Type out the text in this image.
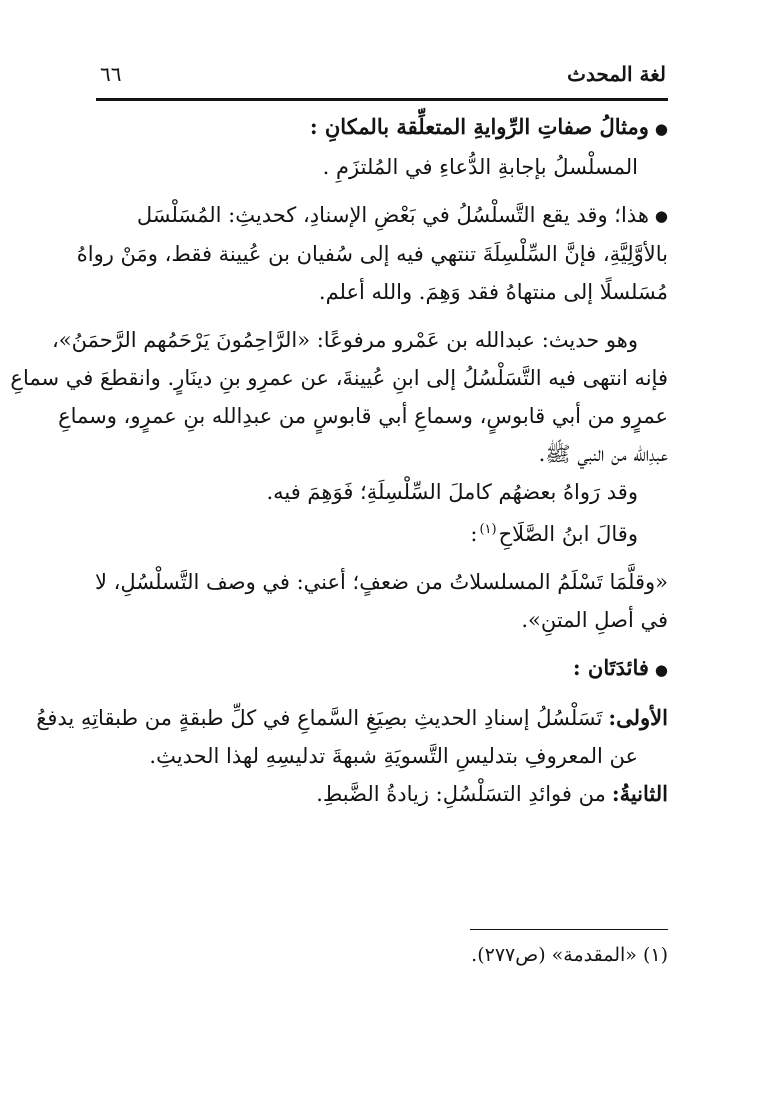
لغة المحدث
٦٦

●ومثالُ صفاتِ الرِّوايةِ المتعلِّقة بالمكانِ :

المسلْسلُ بإجابةِ الدُّعاءِ في المُلتزَمِ .

●هذا؛ وقد يقع التَّسلْسُلُ في بَعْضِ الإسنادِ، كحديثِ: المُسَلْسَل

بالأوَّلِيَّةِ، فإنَّ السِّلْسِلَةَ تنتهي فيه إلى سُفيان بن عُيينة فقط، ومَنْ رواهُ

مُسَلسلًا إلى منتهاهُ فقد وَهِمَ. والله أعلم.

وهو حديث: عبدالله بن عَمْرو مرفوعًا: «الرَّاحِمُونَ يَرْحَمُهم الرَّحمَنُ»،

فإنه انتهى فيه التَّسَلْسُلُ إلى ابنِ عُيينةَ، عن عمرِو بنِ دينَارٍ. وانقطعَ في سماعِ

عمرٍو من أبي قابوسٍ، وسماعِ أبي قابوسٍ من عبدِالله بنِ عمرٍو، وسماعِ

عبدِالله من النبي ﷺ.

وقد رَواهُ بعضهُم كاملَ السِّلْسِلَةِ؛ فَوَهِمَ فيه.

وقالَ ابنُ الصَّلَاحِ$^{(١)}$:

«وقلَّمَا تَسْلَمُ المسلسلاتُ من ضعفٍ؛ أعني: في وصف التَّسلْسُلِ، لا

في أصلِ المتنِ».

●فائدَتَان :

الأولى:تَسَلْسُلُ إسنادِ الحديثِ بصِيَغِ السَّماعِ في كلِّ طبقةٍ من طبقاتِهِ يدفعُ

عن المعروفِ بتدليسِ التَّسويَةِ شبهةَ تدليسِهِ لهذا الحديثِ.

الثانيةُ:من فوائدِ التسَلْسُلِ: زيادةُ الضَّبطِ.

(١) «المقدمة» (ص٢٧٧).
